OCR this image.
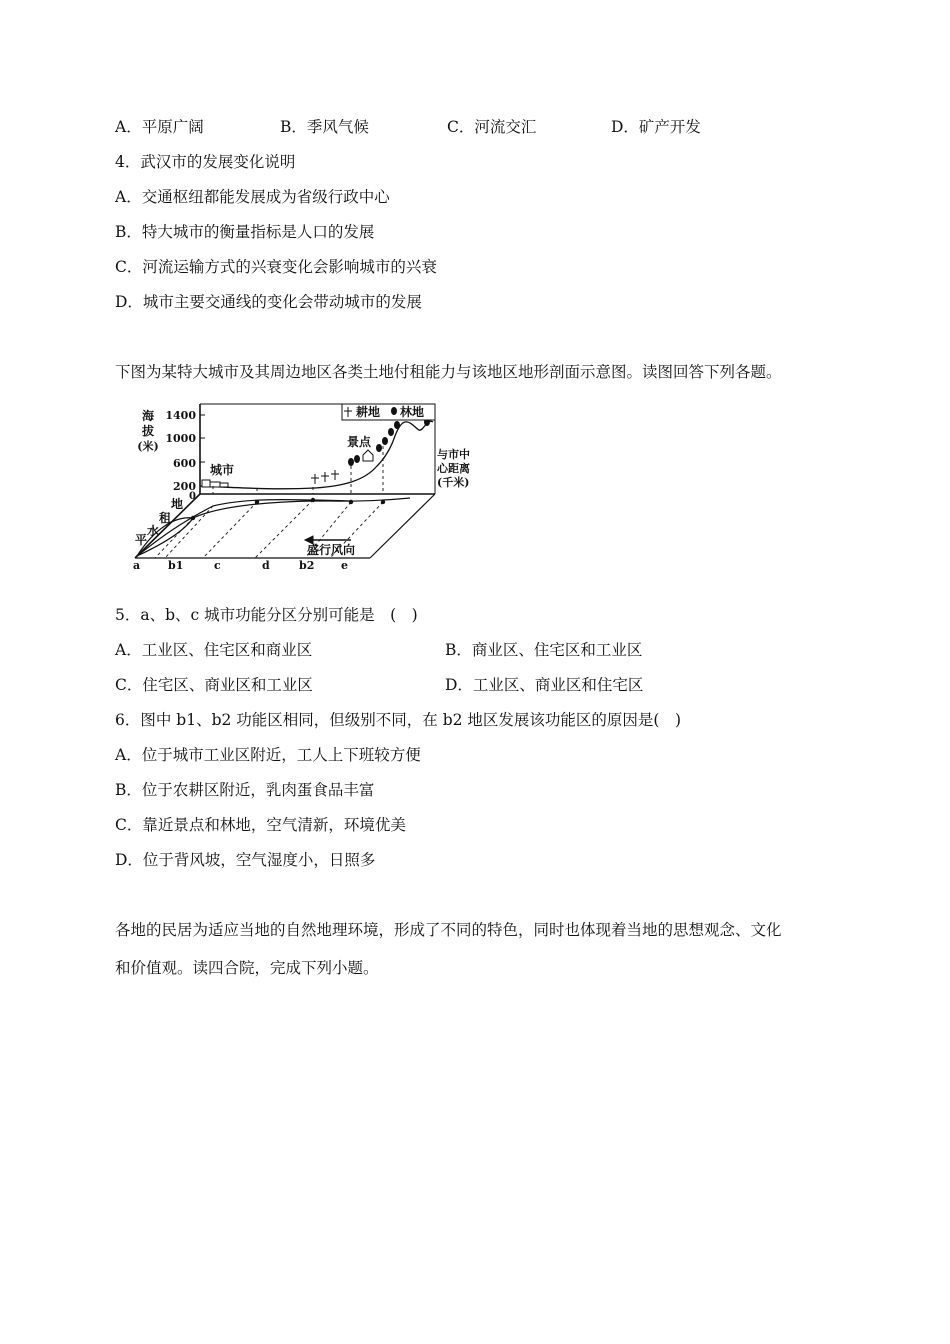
A．平原广阔	B．季风气候	C．河流交汇	D．矿产开发
4．武汉市的发展变化说明
A．交通枢纽都能发展成为省级行政中心
B．特大城市的衡量指标是人口的发展
C．河流运输方式的兴衰变化会影响城市的兴衰
D．城市主要交通线的变化会带动城市的发展
下图为某特大城市及其周边地区各类土地付租能力与该地区地形剖面示意图。读图回答下列各题。
海
拔
(米)
1400
1000
600
200
0
城市
景点
耕地 林地
与市中
心距离
(千米)
地
租
水
平
盛行风向
a	b1	c	d	b2 e
5．a、b、c 城市功能分区分别可能是　(　)
A．工业区、住宅区和商业区	B．商业区、住宅区和工业区
C．住宅区、商业区和工业区	D．工业区、商业区和住宅区
6．图中 b1、b2 功能区相同，但级别不同，在 b2 地区发展该功能区的原因是(　)
A．位于城市工业区附近，工人上下班较方便
B．位于农耕区附近，乳肉蛋食品丰富
C．靠近景点和林地，空气清新，环境优美
D．位于背风坡，空气湿度小，日照多
各地的民居为适应当地的自然地理环境，形成了不同的特色，同时也体现着当地的思想观念、文化
和价值观。读四合院，完成下列小题。
